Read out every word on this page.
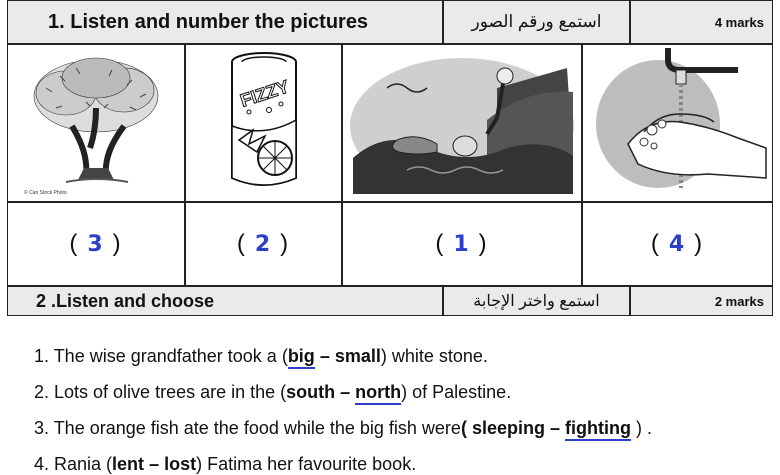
1. Listen and number the pictures	استمع ورقم الصور	4 marks
© Can Stock Photo
FIZZY
( 3 )	( 2 )	( 1 )	( 4 )
2 .Listen and choose	استمع واختر الإجابة	2 marks
1. The wise grandfather took a (big – small) white stone.
2. Lots of olive trees are in the (south – north) of Palestine.
3. The orange fish ate the food while the big fish were( sleeping – fighting ) .
4. Rania (lent – lost) Fatima her favourite book.
